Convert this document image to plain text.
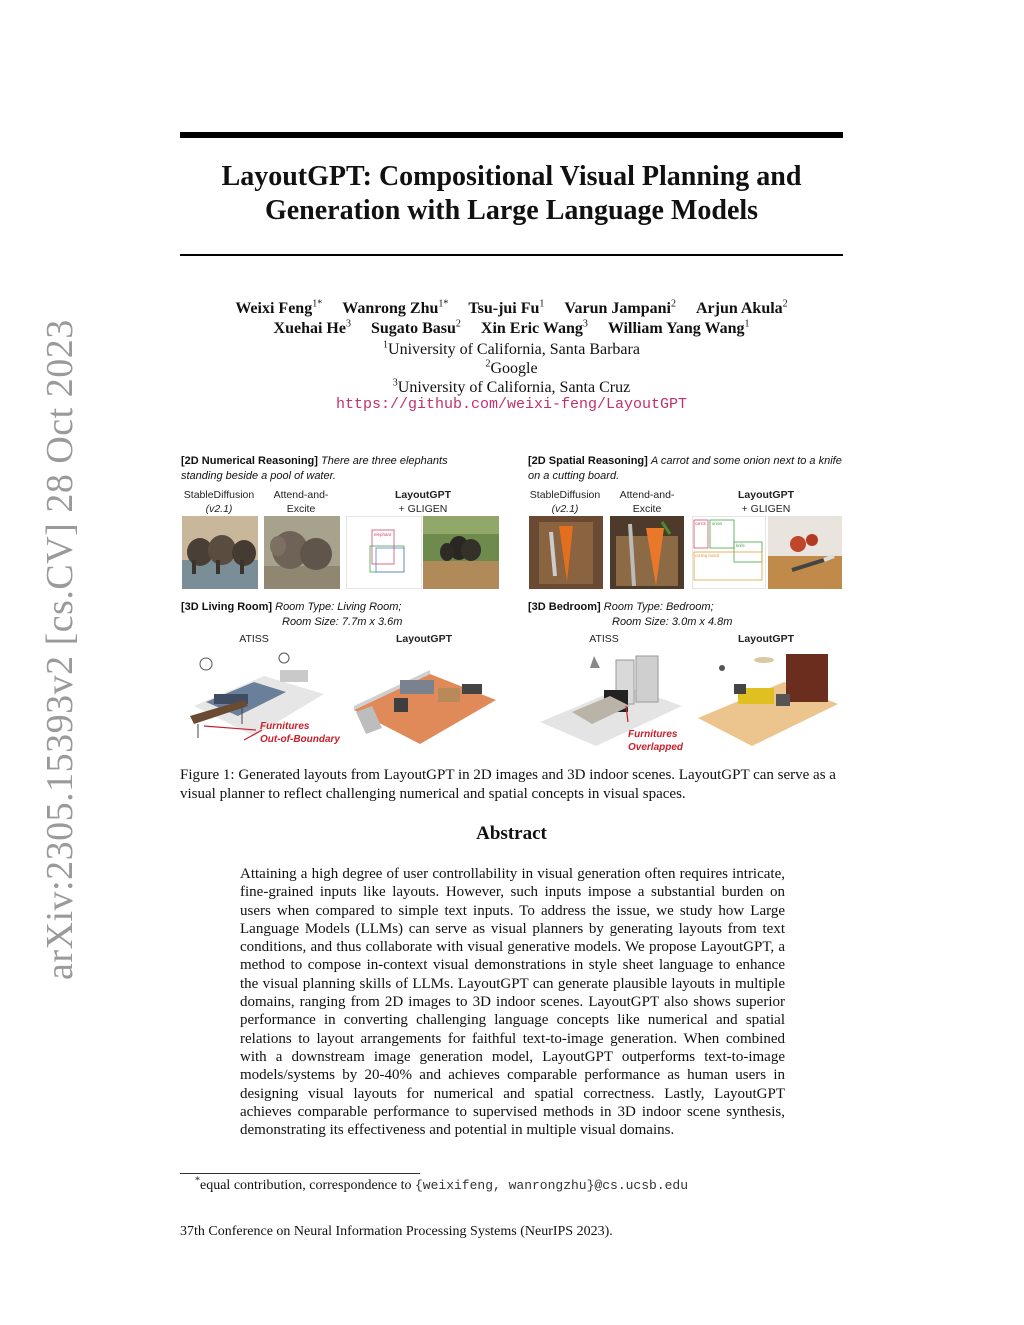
arXiv:2305.15393v2 [cs.CV] 28 Oct 2023
LayoutGPT: Compositional Visual Planning and
Generation with Large Language Models
Weixi Feng$^{1*}$ Wanrong Zhu$^{1*}$ Tsu-jui Fu$^1$ Varun Jampani$^2$ Arjun Akula$^2$
Xuehai He$^3$ Sugato Basu$^2$ Xin Eric Wang$^3$ William Yang Wang$^1$
$^1$University of California, Santa Barbara
$^2$Google
$^3$University of California, Santa Cruz
https://github.com/weixi-feng/LayoutGPT
[2D Numerical Reasoning] There are three elephants standing beside a pool of water.
StableDiffusion
(v2.1)
Attend-and-
Excite
LayoutGPT
+ GLIGEN
elephant
[2D Spatial Reasoning] A carrot and some onion next to a knife on a cutting board.
StableDiffusion
(v2.1)
Attend-and-
Excite
LayoutGPT
+ GLIGEN
carrot onion
knife
cutting board
[3D Living Room] Room Type: Living Room;
Room Size: 7.7m x 3.6m
ATISS	LayoutGPT
Furnitures
Out-of-Boundary
[3D Bedroom] Room Type: Bedroom;
Room Size: 3.0m x 4.8m
ATISS	LayoutGPT
Furnitures
Overlapped
Figure 1: Generated layouts from LayoutGPT in 2D images and 3D indoor scenes. LayoutGPT can serve as a visual planner to reflect challenging numerical and spatial concepts in visual spaces.
Abstract
Attaining a high degree of user controllability in visual generation often requires intricate, fine-grained inputs like layouts. However, such inputs impose a substantial burden on users when compared to simple text inputs. To address the issue, we study how Large Language Models (LLMs) can serve as visual planners by generating layouts from text conditions, and thus collaborate with visual generative models. We propose LayoutGPT, a method to compose in-context visual demonstrations in style sheet language to enhance the visual planning skills of LLMs. LayoutGPT can generate plausible layouts in multiple domains, ranging from 2D images to 3D indoor scenes. LayoutGPT also shows superior performance in converting challenging language concepts like numerical and spatial relations to layout arrangements for faithful text-to-image generation. When combined with a downstream image generation model, LayoutGPT outperforms text-to-image models/systems by 20-40% and achieves comparable performance as human users in designing visual layouts for numerical and spatial correctness. Lastly, LayoutGPT achieves comparable performance to supervised methods in 3D indoor scene synthesis, demonstrating its effectiveness and potential in multiple visual domains.
*equal contribution, correspondence to {weixifeng, wanrongzhu}@cs.ucsb.edu
37th Conference on Neural Information Processing Systems (NeurIPS 2023).
